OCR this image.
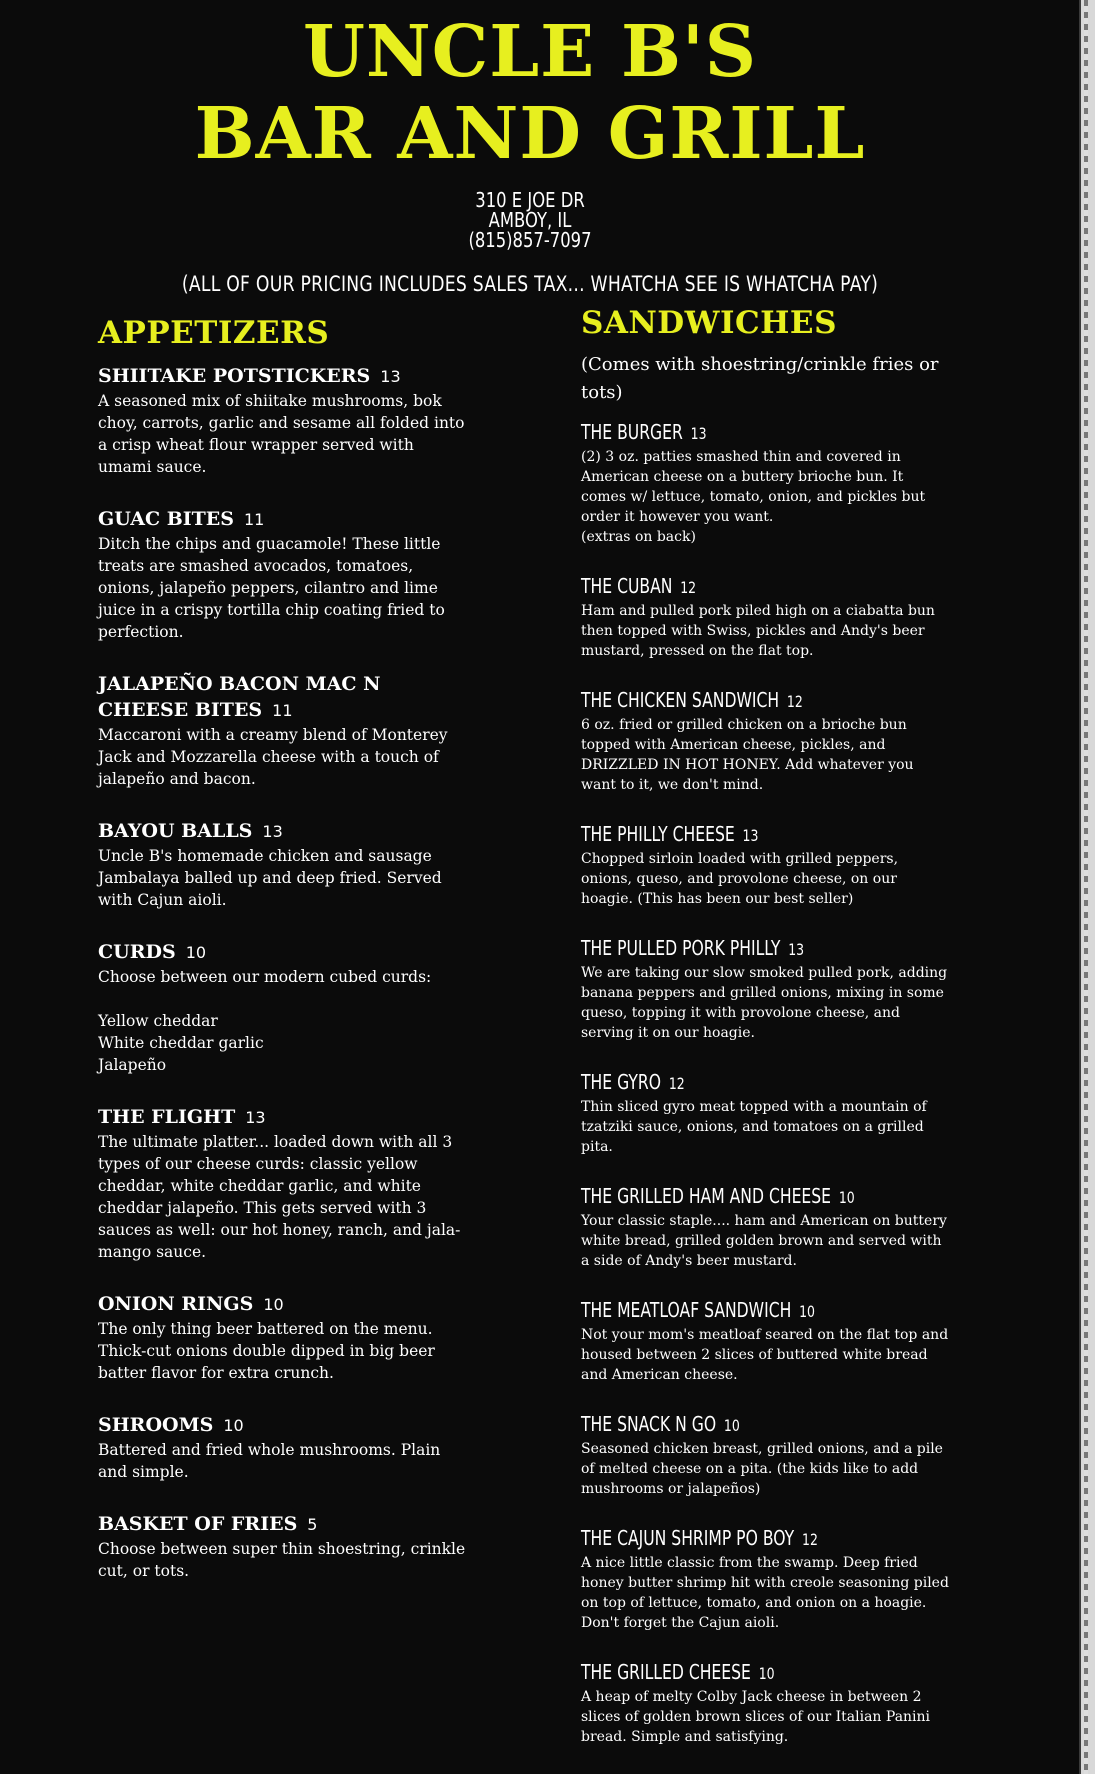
UNCLE B'S
BAR AND GRILL
310 E JOE DR
AMBOY, IL
(815)857-7097
(ALL OF OUR PRICING INCLUDES SALES TAX... WHATCHA SEE IS WHATCHA PAY)
APPETIZERS
SHIITAKE POTSTICKERS 13
A seasoned mix of shiitake mushrooms, bok choy, carrots, garlic and sesame all folded into a crisp wheat flour wrapper served with umami sauce.
GUAC BITES 11
Ditch the chips and guacamole! These little treats are smashed avocados, tomatoes, onions, jalapeño peppers, cilantro and lime juice in a crispy tortilla chip coating fried to perfection.
JALAPEÑO BACON MAC N CHEESE BITES 11
Maccaroni with a creamy blend of Monterey Jack and Mozzarella cheese with a touch of jalapeño and bacon.
BAYOU BALLS 13
Uncle B's homemade chicken and sausage Jambalaya balled up and deep fried. Served with Cajun aioli.
CURDS 10
Choose between our modern cubed curds:

Yellow cheddar
White cheddar garlic
Jalapeño
THE FLIGHT 13
The ultimate platter... loaded down with all 3 types of our cheese curds: classic yellow cheddar, white cheddar garlic, and white cheddar jalapeño. This gets served with 3 sauces as well: our hot honey, ranch, and jala-mango sauce.
ONION RINGS 10
The only thing beer battered on the menu. Thick-cut onions double dipped in big beer batter flavor for extra crunch.
SHROOMS 10
Battered and fried whole mushrooms. Plain and simple.
BASKET OF FRIES 5
Choose between super thin shoestring, crinkle cut, or tots.
SANDWICHES
(Comes with shoestring/crinkle fries or tots)
THE BURGER 13
(2) 3 oz. patties smashed thin and covered in American cheese on a buttery brioche bun. It comes w/ lettuce, tomato, onion, and pickles but order it however you want.
(extras on back)
THE CUBAN 12
Ham and pulled pork piled high on a ciabatta bun then topped with Swiss, pickles and Andy's beer mustard, pressed on the flat top.
THE CHICKEN SANDWICH 12
6 oz. fried or grilled chicken on a brioche bun topped with American cheese, pickles, and DRIZZLED IN HOT HONEY. Add whatever you want to it, we don't mind.
THE PHILLY CHEESE 13
Chopped sirloin loaded with grilled peppers, onions, queso, and provolone cheese, on our hoagie. (This has been our best seller)
THE PULLED PORK PHILLY 13
We are taking our slow smoked pulled pork, adding banana peppers and grilled onions, mixing in some queso, topping it with provolone cheese, and serving it on our hoagie.
THE GYRO 12
Thin sliced gyro meat topped with a mountain of tzatziki sauce, onions, and tomatoes on a grilled pita.
THE GRILLED HAM AND CHEESE 10
Your classic staple.... ham and American on buttery white bread, grilled golden brown and served with a side of Andy's beer mustard.
THE MEATLOAF SANDWICH 10
Not your mom's meatloaf seared on the flat top and housed between 2 slices of buttered white bread and American cheese.
THE SNACK N GO 10
Seasoned chicken breast, grilled onions, and a pile of melted cheese on a pita. (the kids like to add mushrooms or jalapeños)
THE CAJUN SHRIMP PO BOY 12
A nice little classic from the swamp. Deep fried honey butter shrimp hit with creole seasoning piled on top of lettuce, tomato, and onion on a hoagie. Don't forget the Cajun aioli.
THE GRILLED CHEESE 10
A heap of melty Colby Jack cheese in between 2 slices of golden brown slices of our Italian Panini bread. Simple and satisfying.
